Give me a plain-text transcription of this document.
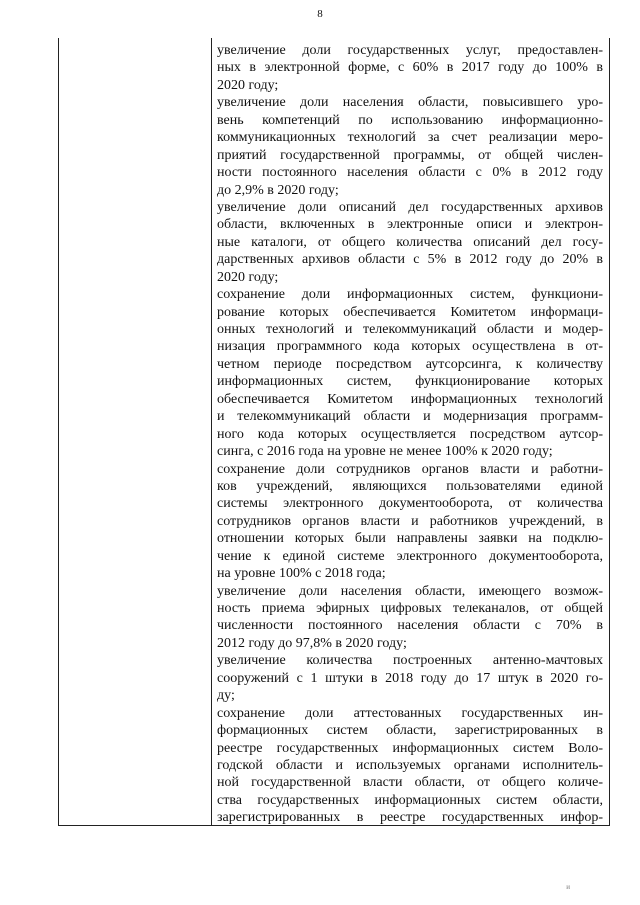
8
увеличение доли государственных услуг, предоставлен-
ных в электронной форме, с 60% в 2017 году до 100% в
2020 году;
увеличение доли населения области, повысившего уро-
вень компетенций по использованию информационно-
коммуникационных технологий за счет реализации меро-
приятий государственной программы, от общей числен-
ности постоянного населения области с 0% в 2012 году
до 2,9% в 2020 году;
увеличение доли описаний дел государственных архивов
области, включенных в электронные описи и электрон-
ные каталоги, от общего количества описаний дел госу-
дарственных архивов области с 5% в 2012 году до 20% в
2020 году;
сохранение доли информационных систем, функциони-
рование которых обеспечивается Комитетом информаци-
онных технологий и телекоммуникаций области и модер-
низация программного кода которых осуществлена в от-
четном периоде посредством аутсорсинга, к количеству
информационных систем, функционирование которых
обеспечивается Комитетом информационных технологий
и телекоммуникаций области и модернизация программ-
ного кода которых осуществляется посредством аутсор-
синга, с 2016 года на уровне не менее 100% к 2020 году;
сохранение доли сотрудников органов власти и работни-
ков учреждений, являющихся пользователями единой
системы электронного документооборота, от количества
сотрудников органов власти и работников учреждений, в
отношении которых были направлены заявки на подклю-
чение к единой системе электронного документооборота,
на уровне 100% с 2018 года;
увеличение доли населения области, имеющего возмож-
ность приема эфирных цифровых телеканалов, от общей
численности постоянного населения области с 70% в
2012 году до 97,8% в 2020 году;
увеличение количества построенных антенно-мачтовых
сооружений с 1 штуки в 2018 году до 17 штук в 2020 го-
ду;
сохранение доли аттестованных государственных ин-
формационных систем области, зарегистрированных в
реестре государственных информационных систем Воло-
годской области и используемых органами исполнитель-
ной государственной власти области, от общего количе-
ства государственных информационных систем области,
зарегистрированных в реестре государственных инфор-
и
